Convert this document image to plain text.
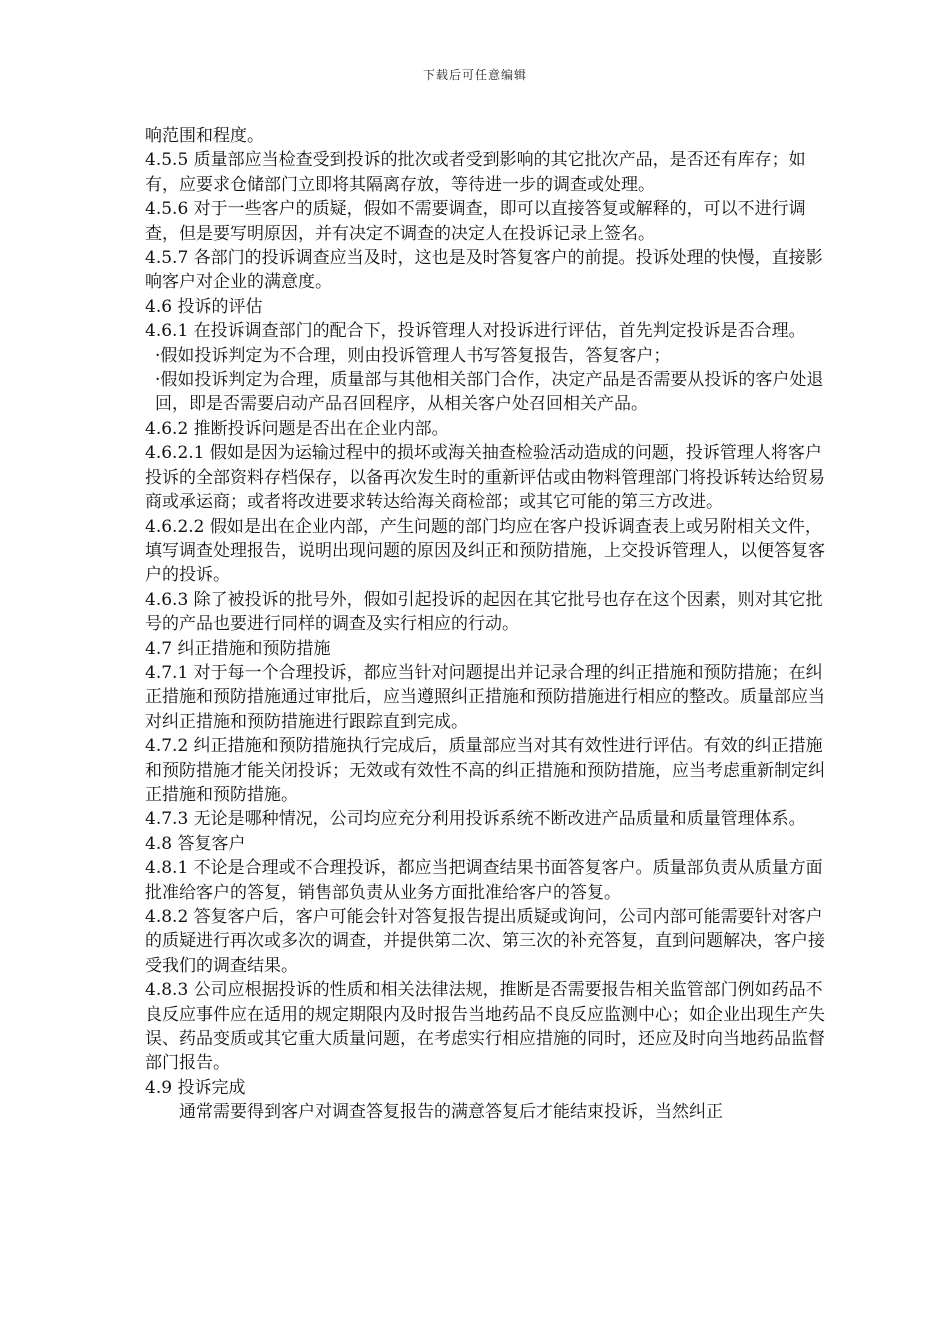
下载后可任意编辑

响范围和程度。

4.5.5 质量部应当检查受到投诉的批次或者受到影响的其它批次产品，是否还有库存；如有，应要求仓储部门立即将其隔离存放，等待进一步的调查或处理。

4.5.6 对于一些客户的质疑，假如不需要调查，即可以直接答复或解释的，可以不进行调查，但是要写明原因，并有决定不调查的决定人在投诉记录上签名。

4.5.7 各部门的投诉调查应当及时，这也是及时答复客户的前提。投诉处理的快慢，直接影响客户对企业的满意度。

4.6 投诉的评估

4.6.1 在投诉调查部门的配合下，投诉管理人对投诉进行评估，首先判定投诉是否合理。

·假如投诉判定为不合理，则由投诉管理人书写答复报告，答复客户；

·假如投诉判定为合理，质量部与其他相关部门合作，决定产品是否需要从投诉的客户处退回，即是否需要启动产品召回程序，从相关客户处召回相关产品。

4.6.2 推断投诉问题是否出在企业内部。

4.6.2.1 假如是因为运输过程中的损坏或海关抽查检验活动造成的问题，投诉管理人将客户投诉的全部资料存档保存，以备再次发生时的重新评估或由物料管理部门将投诉转达给贸易商或承运商；或者将改进要求转达给海关商检部；或其它可能的第三方改进。

4.6.2.2 假如是出在企业内部，产生问题的部门均应在客户投诉调查表上或另附相关文件，填写调查处理报告，说明出现问题的原因及纠正和预防措施，上交投诉管理人，以便答复客户的投诉。

4.6.3 除了被投诉的批号外，假如引起投诉的起因在其它批号也存在这个因素，则对其它批号的产品也要进行同样的调查及实行相应的行动。

4.7 纠正措施和预防措施

4.7.1 对于每一个合理投诉，都应当针对问题提出并记录合理的纠正措施和预防措施；在纠正措施和预防措施通过审批后，应当遵照纠正措施和预防措施进行相应的整改。质量部应当对纠正措施和预防措施进行跟踪直到完成。

4.7.2 纠正措施和预防措施执行完成后，质量部应当对其有效性进行评估。有效的纠正措施和预防措施才能关闭投诉；无效或有效性不高的纠正措施和预防措施，应当考虑重新制定纠正措施和预防措施。

4.7.3 无论是哪种情况，公司均应充分利用投诉系统不断改进产品质量和质量管理体系。

4.8 答复客户

4.8.1 不论是合理或不合理投诉，都应当把调查结果书面答复客户。质量部负责从质量方面批准给客户的答复，销售部负责从业务方面批准给客户的答复。

4.8.2 答复客户后，客户可能会针对答复报告提出质疑或询问，公司内部可能需要针对客户的质疑进行再次或多次的调查，并提供第二次、第三次的补充答复，直到问题解决，客户接受我们的调查结果。

4.8.3 公司应根据投诉的性质和相关法律法规，推断是否需要报告相关监管部门例如药品不良反应事件应在适用的规定期限内及时报告当地药品不良反应监测中心；如企业出现生产失误、药品变质或其它重大质量问题，在考虑实行相应措施的同时，还应及时向当地药品监督部门报告。

4.9 投诉完成

通常需要得到客户对调查答复报告的满意答复后才能结束投诉，当然纠正
